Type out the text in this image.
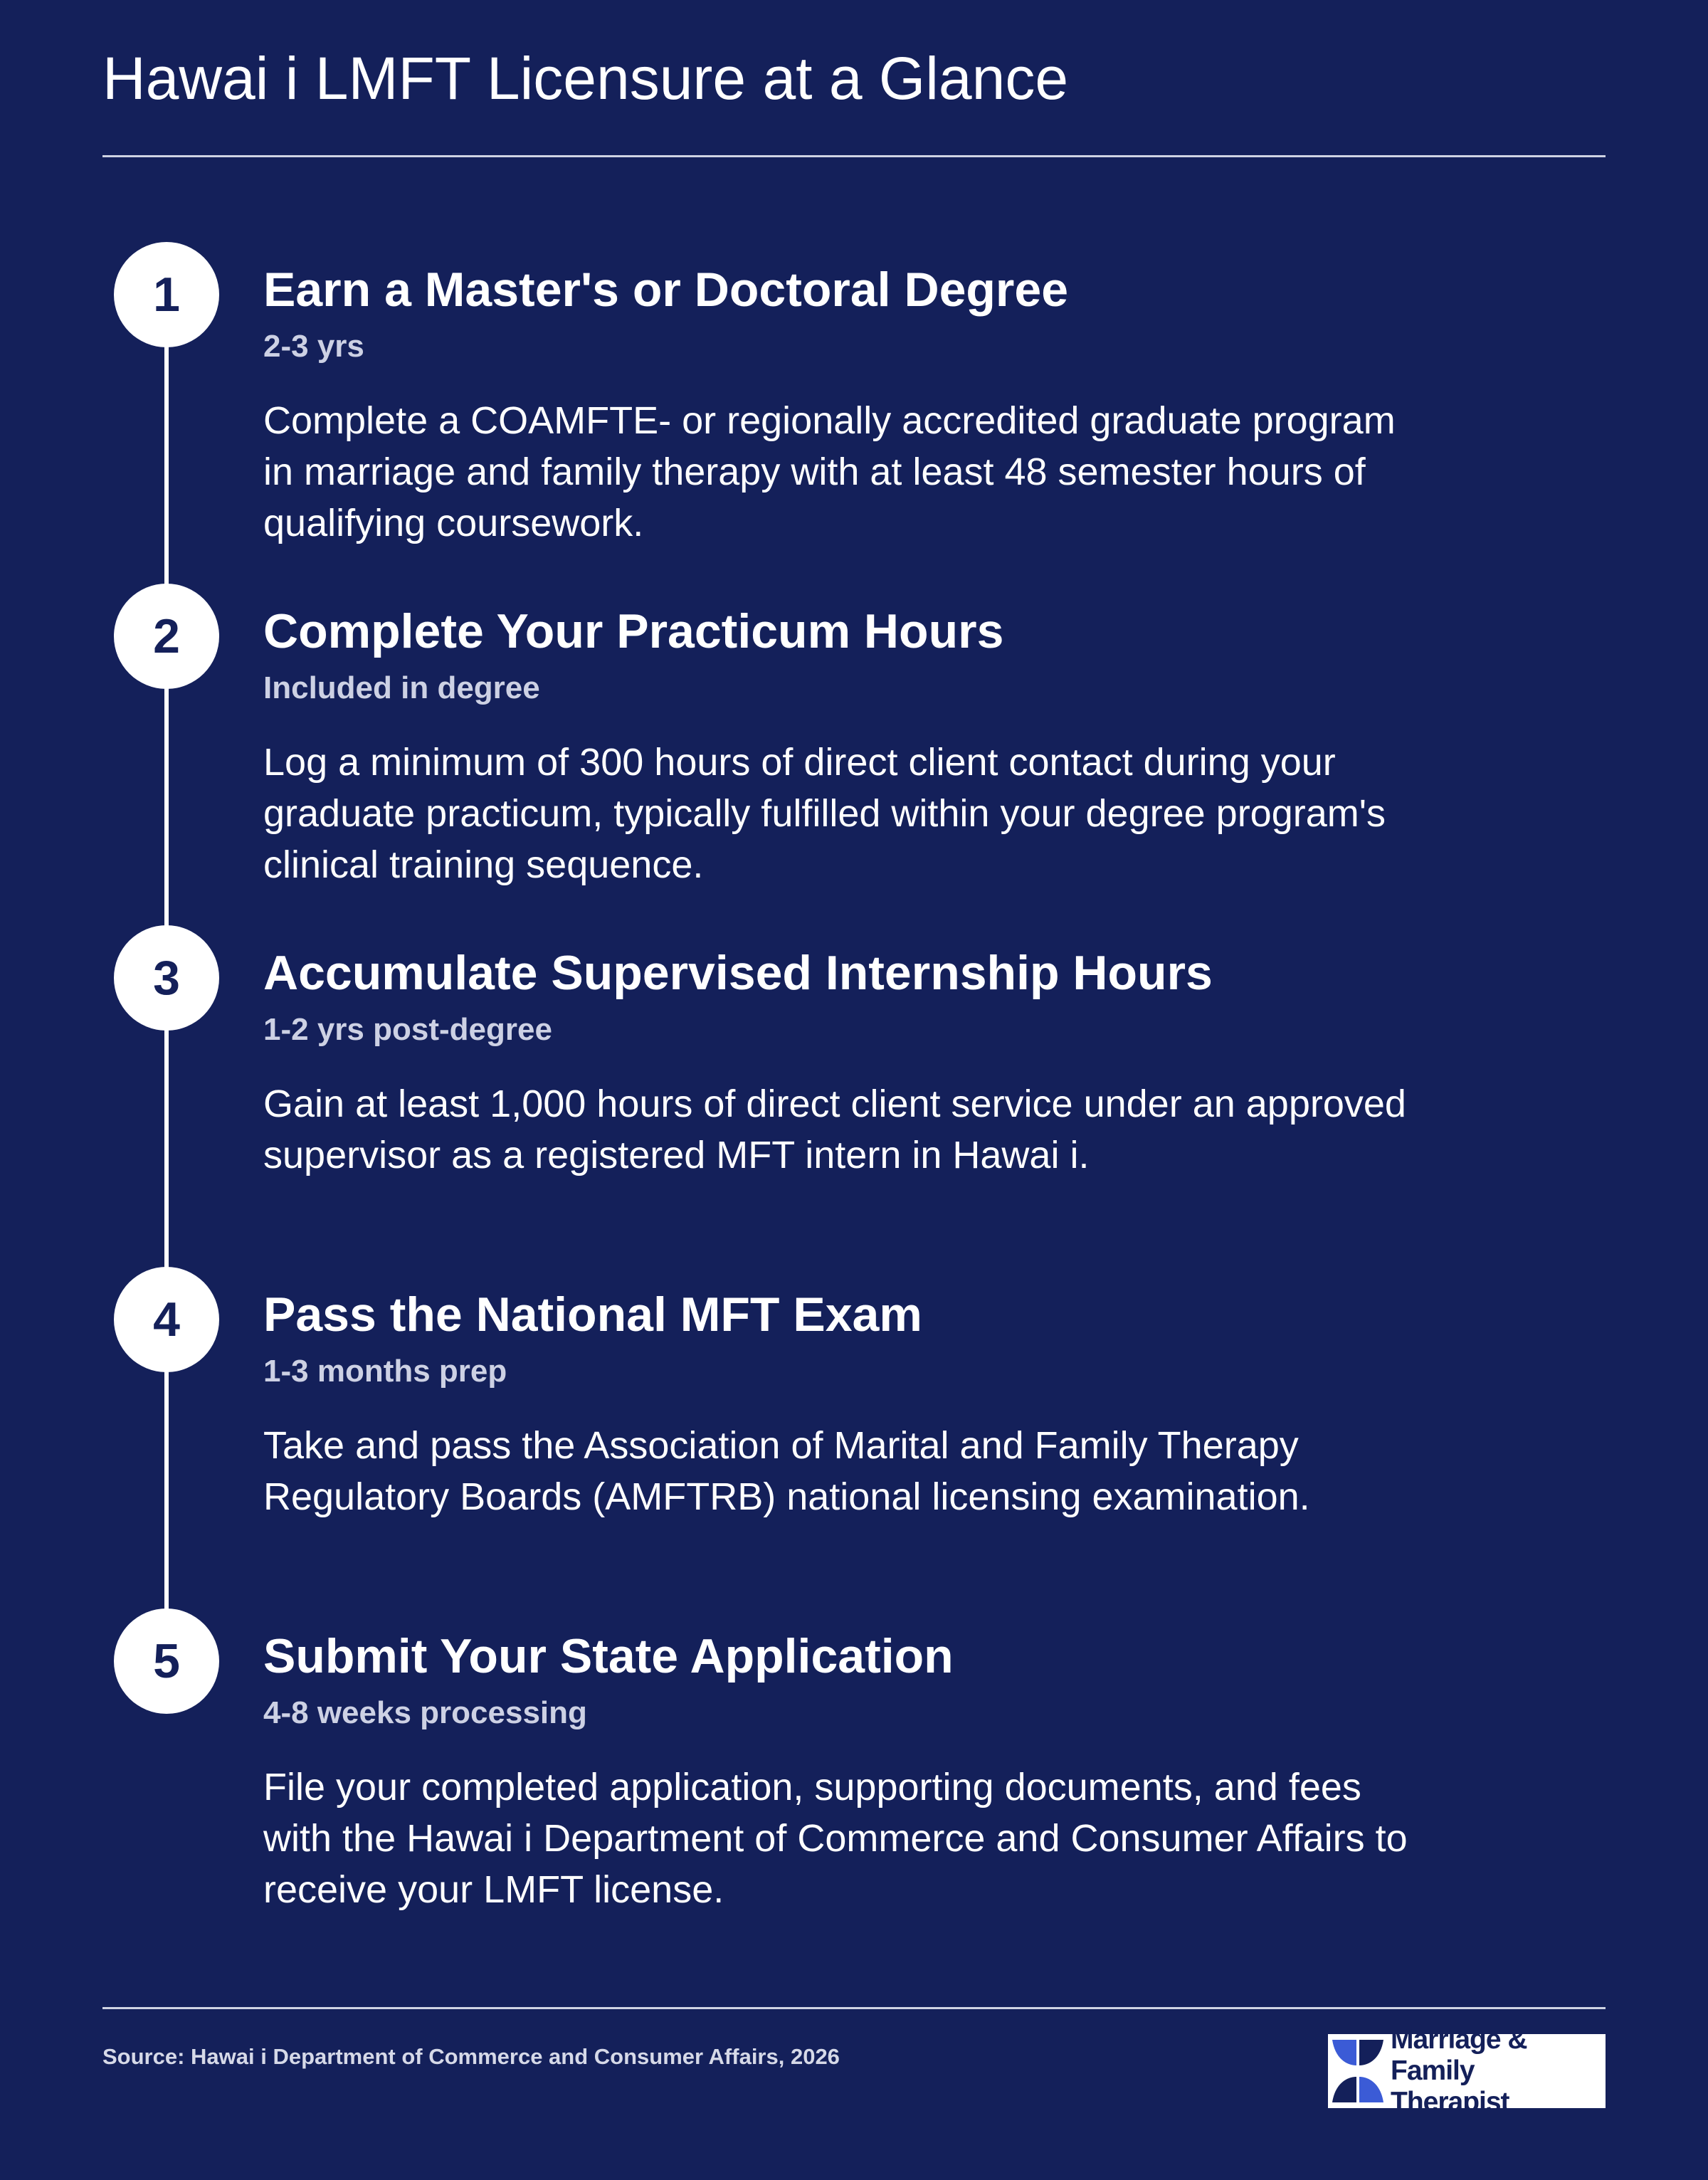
Hawai i LMFT Licensure at a Glance
1	Earn a Master's or Doctoral Degree
2-3 yrs
Complete a COAMFTE- or regionally accredited graduate program in marriage and family therapy with at least 48 semester hours of qualifying coursework.
2	Complete Your Practicum Hours
Included in degree
Log a minimum of 300 hours of direct client contact during your graduate practicum, typically fulfilled within your degree program's clinical training sequence.
3	Accumulate Supervised Internship Hours
1-2 yrs post-degree
Gain at least 1,000 hours of direct client service under an approved supervisor as a registered MFT intern in Hawai i.
4	Pass the National MFT Exam
1-3 months prep
Take and pass the Association of Marital and Family Therapy Regulatory Boards (AMFTRB) national licensing examination.
5	Submit Your State Application
4-8 weeks processing
File your completed application, supporting documents, and fees with the Hawai i Department of Commerce and Consumer Affairs to receive your LMFT license.
Source: Hawai i Department of Commerce and Consumer Affairs, 2026
Marriage & Family
Therapist
